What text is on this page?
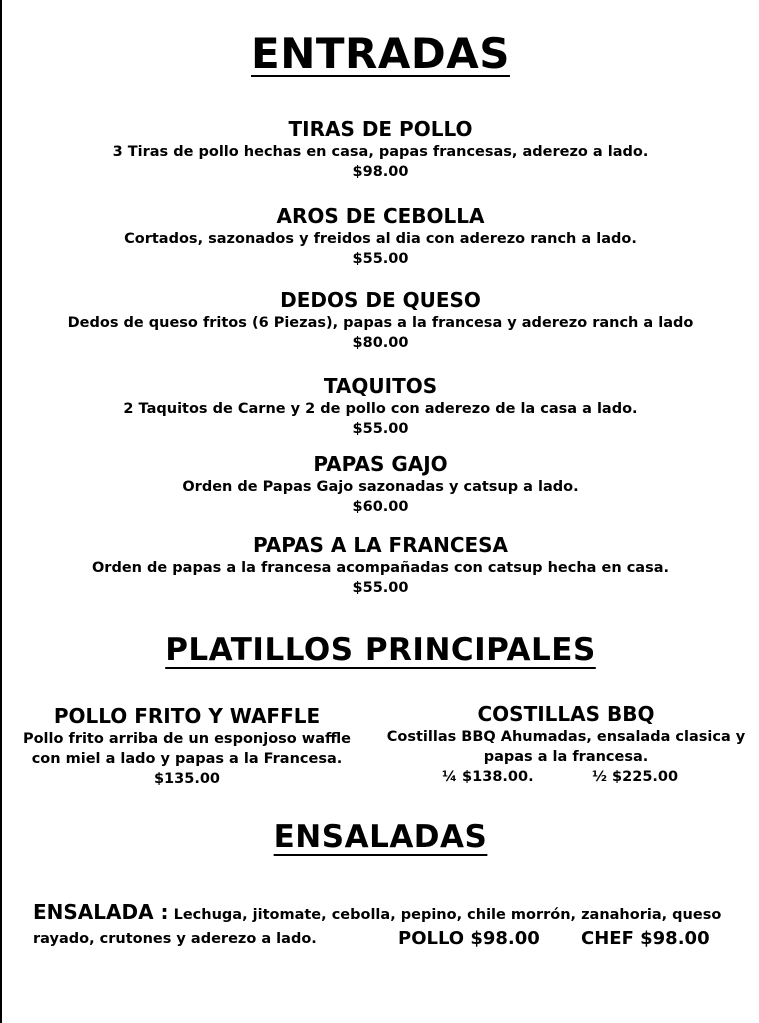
ENTRADAS
TIRAS DE POLLO
3 Tiras de pollo hechas en casa, papas francesas, aderezo a lado.
$98.00
AROS DE CEBOLLA
Cortados, sazonados y freidos al dia con aderezo ranch a lado.
$55.00
DEDOS DE QUESO
Dedos de queso fritos (6 Piezas), papas a la francesa y aderezo ranch a lado
$80.00
TAQUITOS
2 Taquitos de Carne y 2 de pollo con aderezo de la casa a lado.
$55.00
PAPAS GAJO
Orden de Papas Gajo sazonadas y catsup a lado.
$60.00
PAPAS A LA FRANCESA
Orden de papas a la francesa acompañadas con catsup hecha en casa.
$55.00
PLATILLOS PRINCIPALES
POLLO FRITO Y WAFFLE
Pollo frito arriba de un esponjoso waffle
con miel a lado y papas a la Francesa.
$135.00
COSTILLAS BBQ
Costillas BBQ Ahumadas, ensalada clasica y
papas a la francesa.
¼ $138.00.	½ $225.00
ENSALADAS
ENSALADA : Lechuga, jitomate, cebolla, pepino, chile morrón, zanahoria, queso
rayado, crutones y aderezo a lado.	POLLO $98.00 CHEF $98.00
